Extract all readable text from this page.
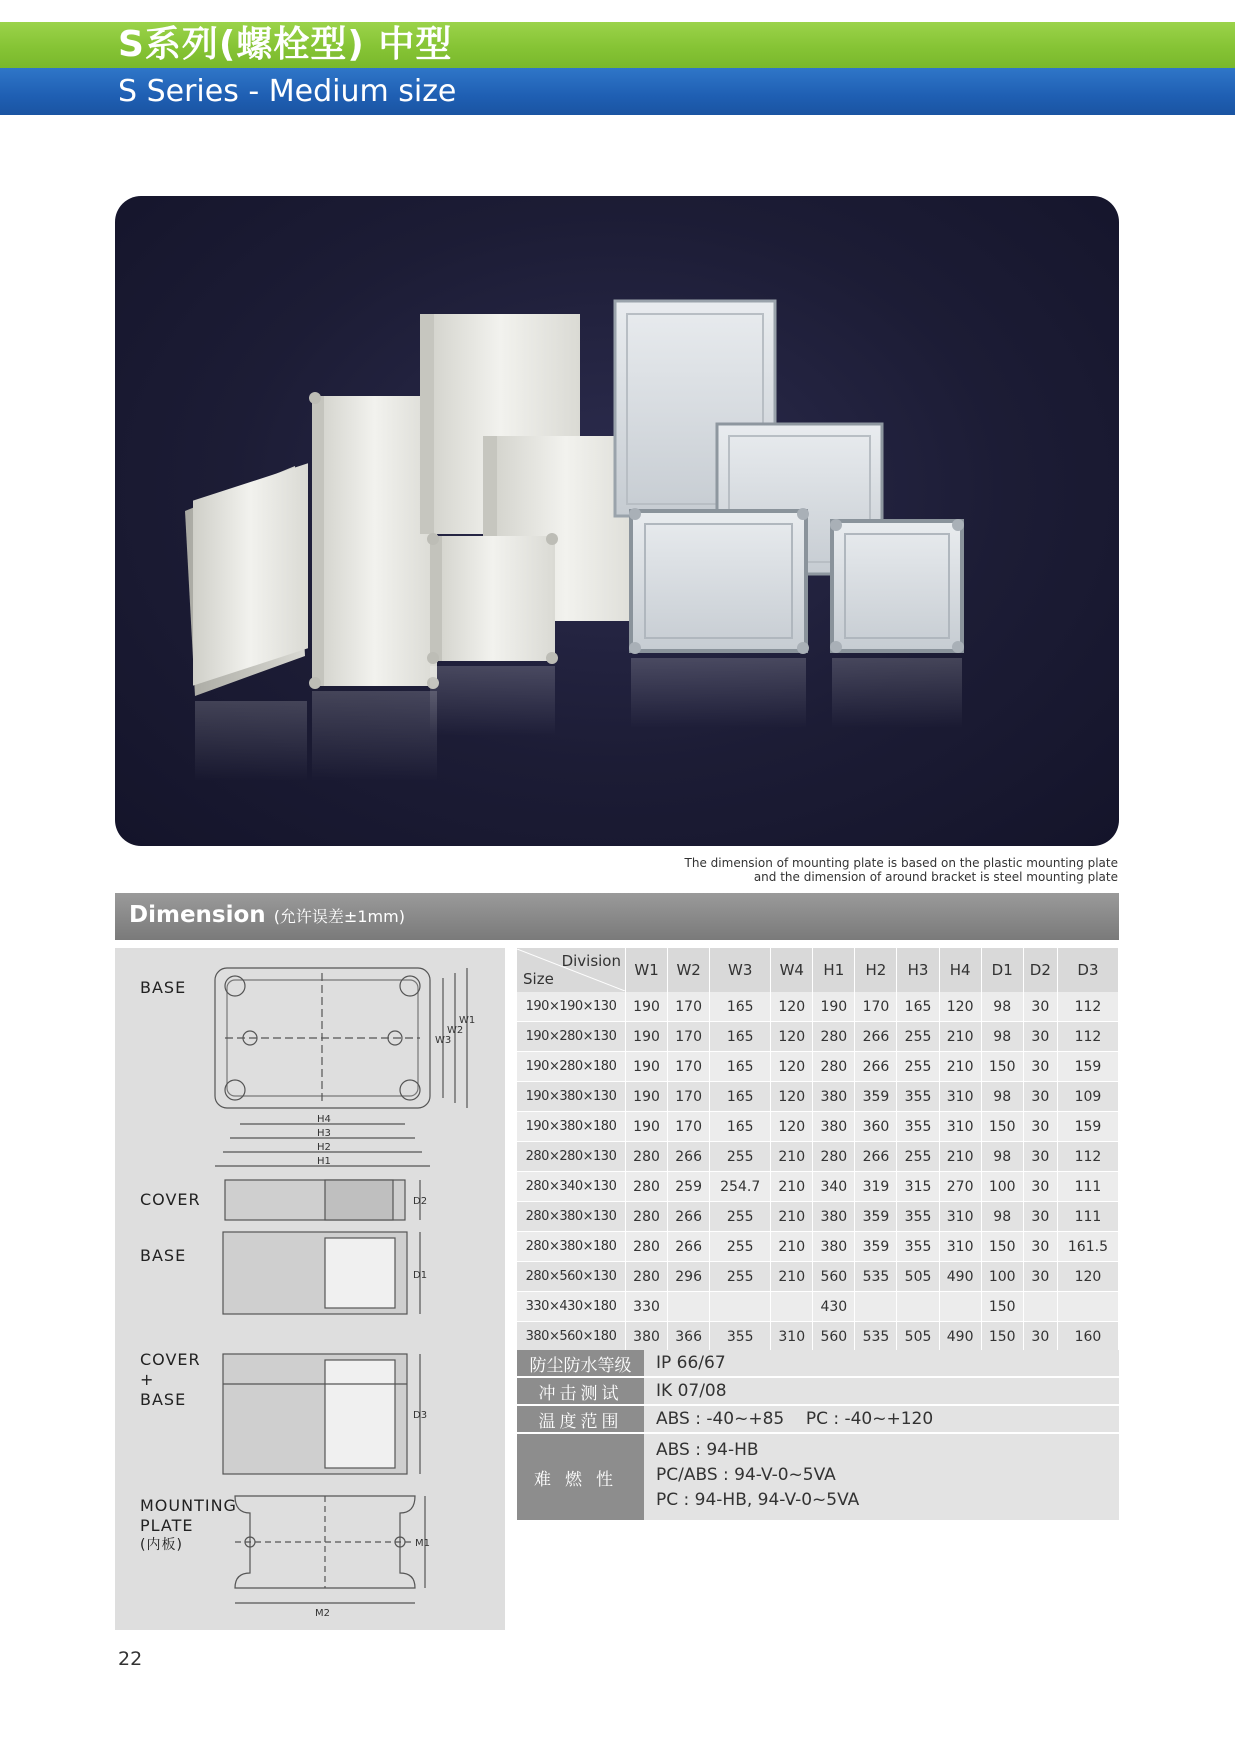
S系列(螺栓型) 中型
S Series - Medium size
The dimension of mounting plate is based on the plastic mounting plate
and the dimension of around bracket is steel mounting plate
Dimension (允许误差±1mm)
BASE
COVER
BASE
COVER
+
BASE
MOUNTING
PLATE
(内板)
H4
H3
H2
H1
W3
W2
W1
D2
D1
D3
M1
M2
Division
Size	W1	W2	W3	W4	H1	H2	H3	H4	D1	D2	D3
190×190×130	190	170	165	120	190	170	165	120	98	30	112
190×280×130	190	170	165	120	280	266	255	210	98	30	112
190×280×180	190	170	165	120	280	266	255	210	150	30	159
190×380×130	190	170	165	120	380	359	355	310	98	30	109
190×380×180	190	170	165	120	380	360	355	310	150	30	159
280×280×130	280	266	255	210	280	266	255	210	98	30	112
280×340×130	280	259	254.7	210	340	319	315	270	100	30	111
280×380×130	280	266	255	210	380	359	355	310	98	30	111
280×380×180	280	266	255	210	380	359	355	310	150	30	161.5
280×560×130	280	296	255	210	560	535	505	490	100	30	120
330×430×180	330				430				150		
380×560×180	380	366	355	310	560	535	505	490	150	30	160
防尘防水等级	IP 66/67
冲击测试	IK 07/08
温度范围	ABS : -40~+85    PC : -40~+120
难燃性
ABS : 94-HB
PC/ABS : 94-V-0~5VA
PC : 94-HB, 94-V-0~5VA
22
